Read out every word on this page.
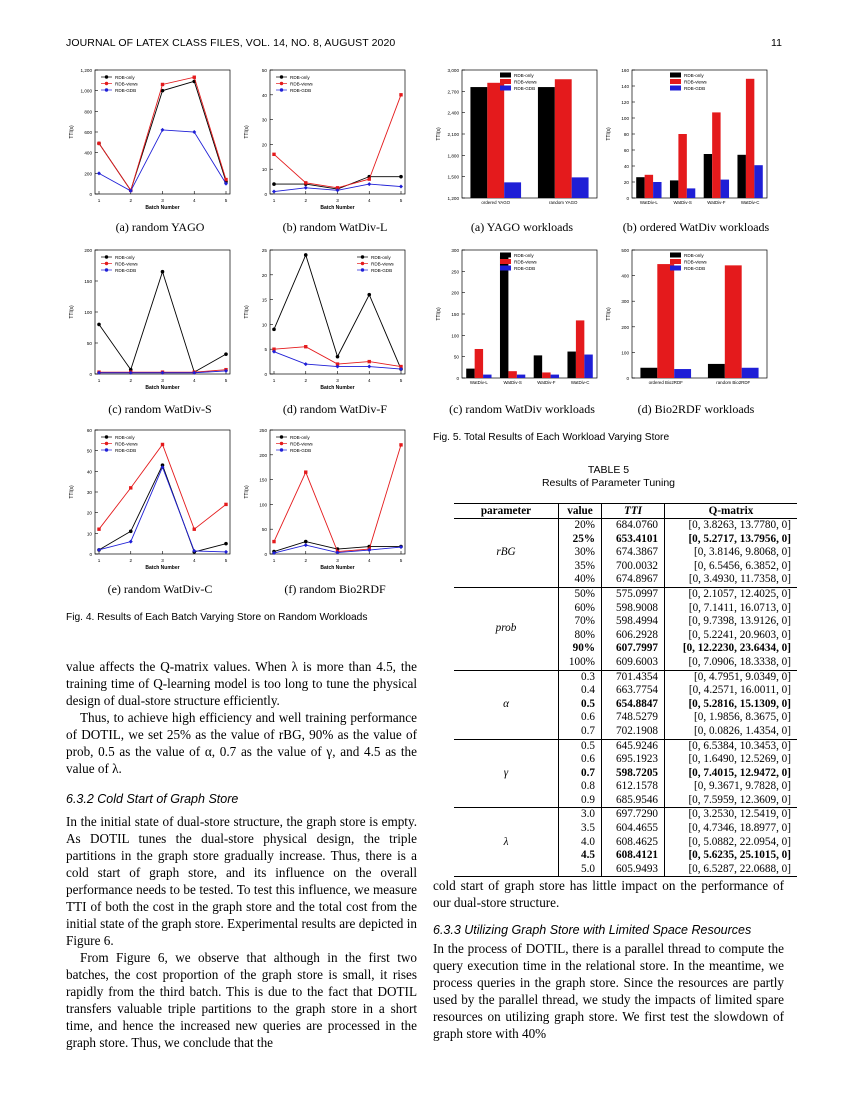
JOURNAL OF LATEX CLASS FILES, VOL. 14, NO. 8, AUGUST 2020	11
0
200
400
600
800
1,000
1,200
TTI(s)
1	2	3	4	5
Batch Number
RDB-only
RDB-views
RDB-GDB
0
10
20
30
40
50
TTI(s)
1	2	3	4	5
Batch Number
RDB-only
RDB-views
RDB-GDB
0
50
100
150
200
TTI(s)
1	2	3	4	5
Batch Number
RDB-only
RDB-views
RDB-GDB
0
5
10
15
20
25
TTI(s)
1	2	3	4	5
Batch Number
RDB-only
RDB-views
RDB-GDB
0
10
20
30
40
50
60
TTI(s)
1	2	3	4	5
Batch Number
RDB-only
RDB-views
RDB-GDB
0
50
100
150
200
250
TTI(s)
1	2	3	4	5
Batch Number
RDB-only
RDB-views
RDB-GDB
(a) random YAGO	(b) random WatDiv-L
(c) random WatDiv-S	(d) random WatDiv-F
(e) random WatDiv-C	(f) random Bio2RDF
Fig. 4. Results of Each Batch Varying Store on Random Workloads
1,200
1,500
1,800
2,100
2,400
2,700
3,000
TTI(s)
ordered YAGO	random YAGO
RDB-only
RDB-views
RDB-GDB
0
20
40
60
80
100
120
140
160
TTI(s)
WatDiv-L	WatDiv-S	WatDiv-F	WatDiv-C
RDB-only
RDB-views
RDB-GDB
0
50
100
150
200
250
300
TTI(s)
WatDiv-L	WatDiv-S	WatDiv-F	WatDiv-C
RDB-only
RDB-views
RDB-GDB
0
100
200
300
400
500
TTI(s)
ordered Bio2RDF	random Bio2RDF
RDB-only
RDB-views
RDB-GDB
(a) YAGO workloads	(b) ordered WatDiv workloads
(c) random WatDiv workloads	(d) Bio2RDF workloads
Fig. 5. Total Results of Each Workload Varying Store
TABLE 5
Results of Parameter Tuning
parameter	value	TTI	Q-matrix
rBG	20%	684.0760	[0, 3.8263, 13.7780, 0]
	25%	653.4101	[0, 5.2717, 13.7956, 0]
	30%	674.3867	[0, 3.8146, 9.8068, 0]
	35%	700.0032	[0, 6.5456, 6.3852, 0]
	40%	674.8967	[0, 3.4930, 11.7358, 0]
prob	50%	575.0997	[0, 2.1057, 12.4025, 0]
	60%	598.9008	[0, 7.1411, 16.0713, 0]
	70%	598.4994	[0, 9.7398, 13.9126, 0]
	80%	606.2928	[0, 5.2241, 20.9603, 0]
	90%	607.7997	[0, 12.2230, 23.6434, 0]
	100%	609.6003	[0, 7.0906, 18.3338, 0]
α	0.3	701.4354	[0, 4.7951, 9.0349, 0]
	0.4	663.7754	[0, 4.2571, 16.0011, 0]
	0.5	654.8847	[0, 5.2816, 15.1309, 0]
	0.6	748.5279	[0, 1.9856, 8.3675, 0]
	0.7	702.1908	[0, 0.0826, 1.4354, 0]
γ	0.5	645.9246	[0, 6.5384, 10.3453, 0]
	0.6	695.1923	[0, 1.6490, 12.5269, 0]
	0.7	598.7205	[0, 7.4015, 12.9472, 0]
	0.8	612.1578	[0, 9.3671, 9.7828, 0]
	0.9	685.9546	[0, 7.5959, 12.3609, 0]
λ	3.0	697.7290	[0, 3.2530, 12.5419, 0]
	3.5	604.4655	[0, 4.7346, 18.8977, 0]
	4.0	608.4625	[0, 5.0882, 22.0954, 0]
	4.5	608.4121	[0, 5.6235, 25.1015, 0]
	5.0	605.9493	[0, 6.5287, 22.0688, 0]

value affects the Q-matrix values. When λ is more than 4.5, the training time of Q-learning model is too long to tune the physical design of dual-store structure efficiently.

Thus, to achieve high efficiency and well training performance of DOTIL, we set 25% as the value of rBG, 90% as the value of prob, 0.5 as the value of α, 0.7 as the value of γ, and 4.5 as the value of λ.

6.3.2 Cold Start of Graph Store

In the initial state of dual-store structure, the graph store is empty. As DOTIL tunes the dual-store physical design, the triple partitions in the graph store gradually increase. Thus, there is a cold start of graph store, and its influence on the overall performance needs to be tested. To test this influence, we measure TTI of both the cost in the graph store and the total cost from the initial state of the graph store. Experimental results are depicted in Figure 6.

From Figure 6, we observe that although in the first two batches, the cost proportion of the graph store is small, it rises rapidly from the third batch. This is due to the fact that DOTIL transfers valuable triple partitions to the graph store in a short time, and hence the increased new queries are processed in the graph store. Thus, we conclude that the

cold start of graph store has little impact on the performance of our dual-store structure.

6.3.3 Utilizing Graph Store with Limited Space Resources

In the process of DOTIL, there is a parallel thread to compute the query execution time in the relational store. In the meantime, we process queries in the graph store. Since the resources are partly used by the parallel thread, we study the impacts of limited spare resources on utilizing graph store. We first test the slowdown of graph store with 40%
